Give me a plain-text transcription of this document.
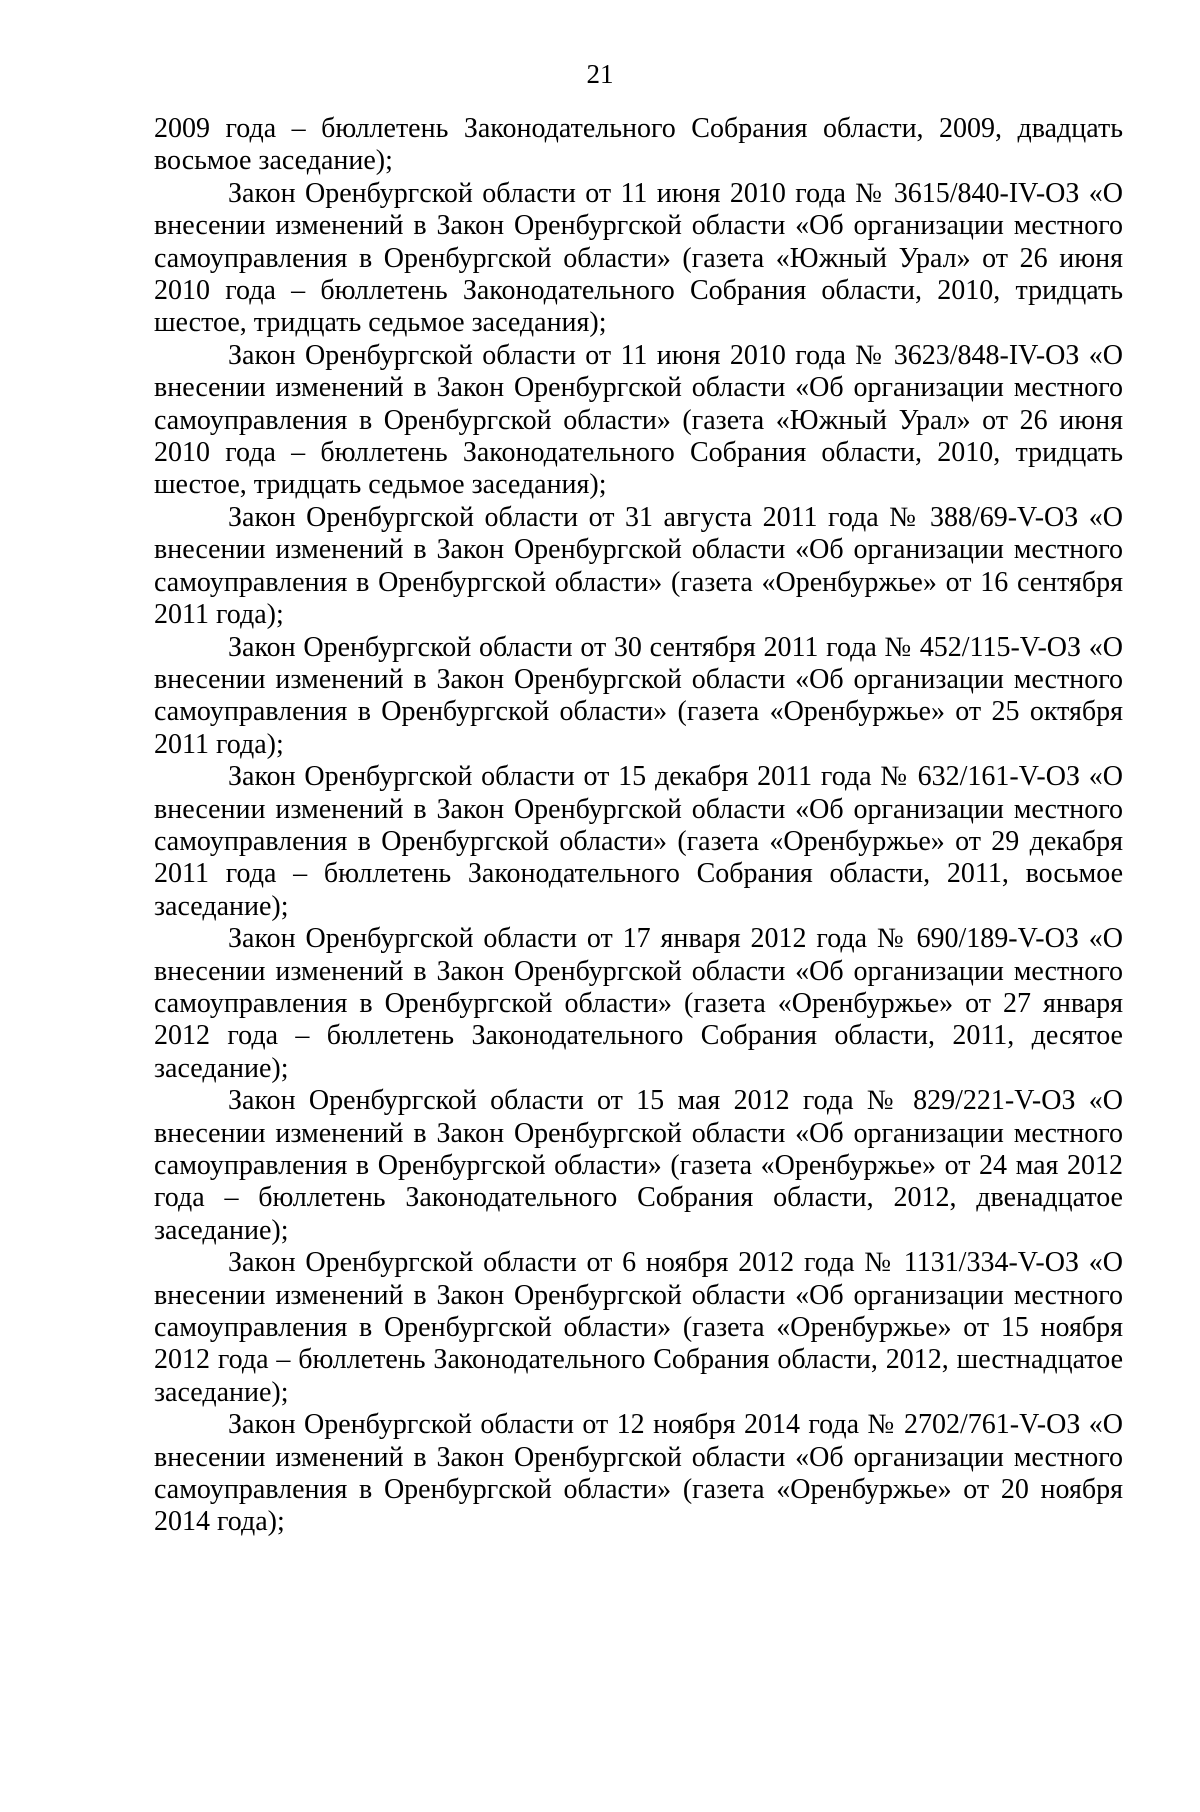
21

2009 года – бюллетень Законодательного Собрания области, 2009, двадцать восьмое заседание);

Закон Оренбургской области от 11 июня 2010 года № 3615/840-IV-ОЗ «О внесении изменений в Закон Оренбургской области «Об организации местного самоуправления в Оренбургской области» (газета «Южный Урал» от 26 июня 2010 года – бюллетень Законодательного Собрания области, 2010, тридцать шестое, тридцать седьмое заседания);

Закон Оренбургской области от 11 июня 2010 года № 3623/848-IV-ОЗ «О внесении изменений в Закон Оренбургской области «Об организации местного самоуправления в Оренбургской области» (газета «Южный Урал» от 26 июня 2010 года – бюллетень Законодательного Собрания области, 2010, тридцать шестое, тридцать седьмое заседания);

Закон Оренбургской области от 31 августа 2011 года № 388/69-V-ОЗ «О внесении изменений в Закон Оренбургской области «Об организации местного самоуправления в Оренбургской области» (газета «Оренбуржье» от 16 сентября 2011 года);

Закон Оренбургской области от 30 сентября 2011 года № 452/115-V-ОЗ «О внесении изменений в Закон Оренбургской области «Об организации местного самоуправления в Оренбургской области» (газета «Оренбуржье» от 25 октября 2011 года);

Закон Оренбургской области от 15 декабря 2011 года № 632/161-V-ОЗ «О внесении изменений в Закон Оренбургской области «Об организации местного самоуправления в Оренбургской области» (газета «Оренбуржье» от 29 декабря 2011 года – бюллетень Законодательного Собрания области, 2011, восьмое заседание);

Закон Оренбургской области от 17 января 2012 года № 690/189-V-ОЗ «О внесении изменений в Закон Оренбургской области «Об организации местного самоуправления в Оренбургской области» (газета «Оренбуржье» от 27 января 2012 года – бюллетень Законодательного Собрания области, 2011, десятое заседание);

Закон Оренбургской области от 15 мая 2012 года № 829/221-V-ОЗ «О внесении изменений в Закон Оренбургской области «Об организации местного самоуправления в Оренбургской области» (газета «Оренбуржье» от 24 мая 2012 года – бюллетень Законодательного Собрания области, 2012, двенадцатое заседание);

Закон Оренбургской области от 6 ноября 2012 года № 1131/334-V-ОЗ «О внесении изменений в Закон Оренбургской области «Об организации местного самоуправления в Оренбургской области» (газета «Оренбуржье» от 15 ноября 2012 года – бюллетень Законодательного Собрания области, 2012, шестнадцатое заседание);

Закон Оренбургской области от 12 ноября 2014 года № 2702/761-V-ОЗ «О внесении изменений в Закон Оренбургской области «Об организации местного самоуправления в Оренбургской области» (газета «Оренбуржье» от 20 ноября 2014 года);
